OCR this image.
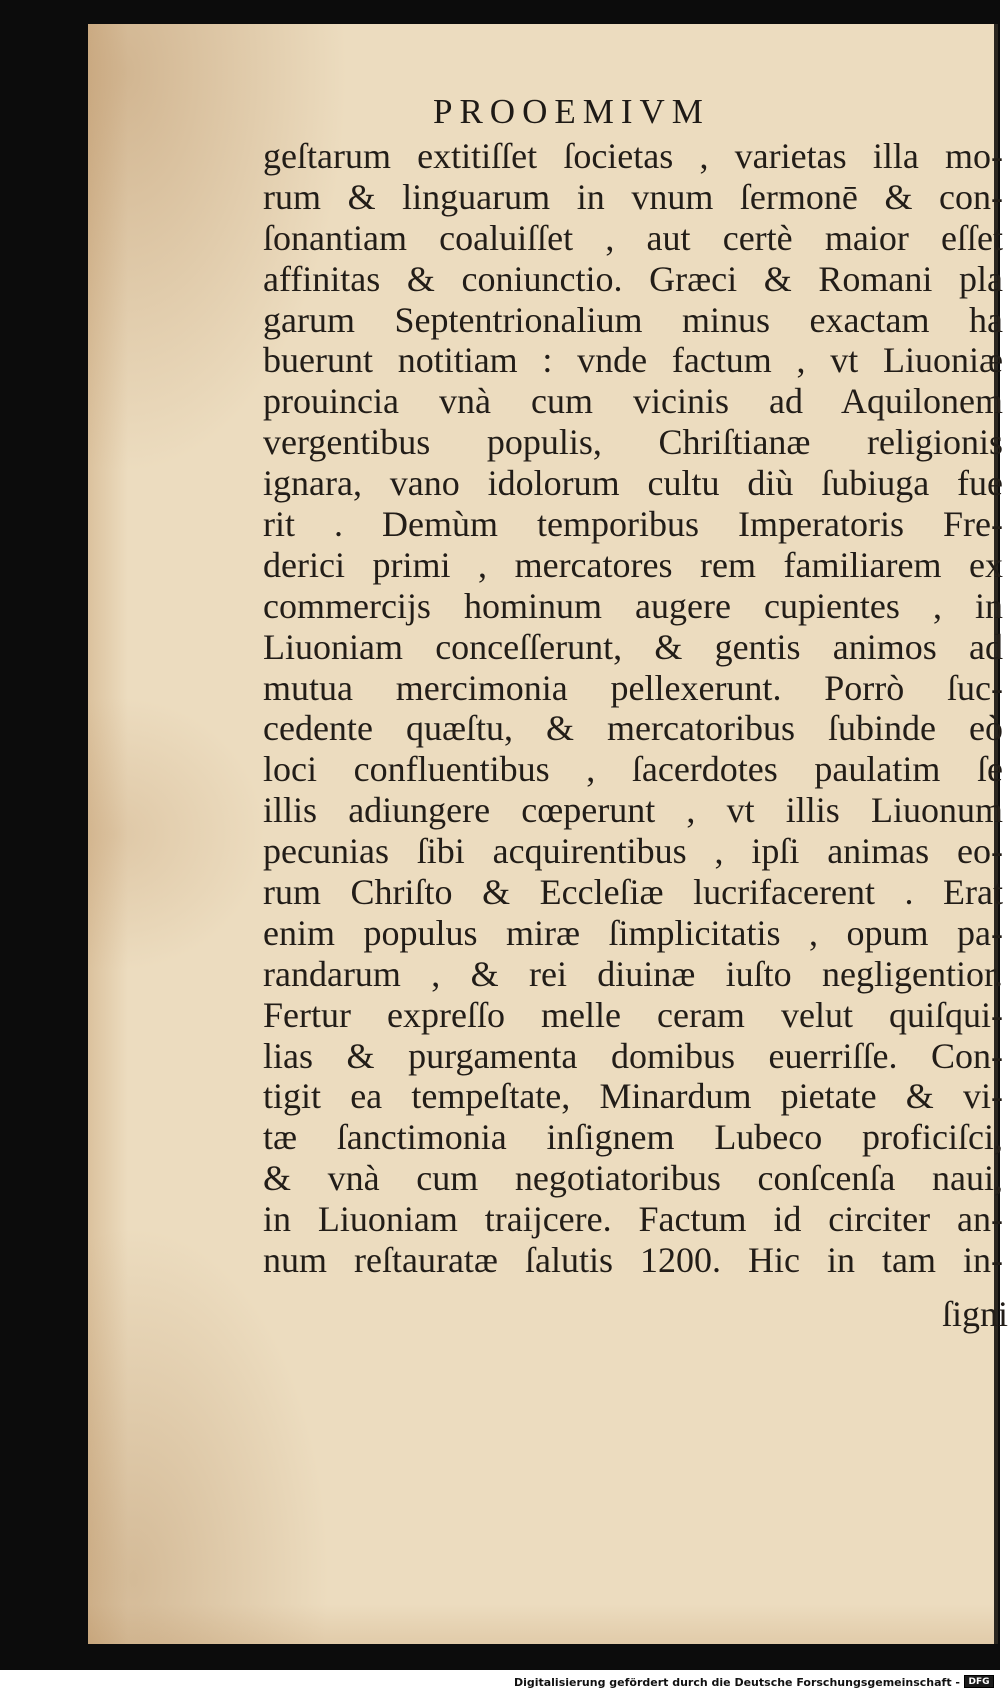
PROOEMIVM
geſtarum extitiſſet ſocietas , varietas illa mo-
rum & linguarum in vnum ſermonē & con-
ſonantiam coaluiſſet , aut certè maior eſſet
affinitas & coniunctio. Græci & Romani pla
garum Septentrionalium minus exactam ha
buerunt notitiam : vnde factum , vt Liuoniæ
prouincia vnà cum vicinis ad Aquilonem
vergentibus populis, Chriſtianæ religionis
ignara, vano idolorum cultu diù ſubiuga fue
rit . Demùm temporibus Imperatoris Fre-
derici primi , mercatores rem familiarem ex
commercijs hominum augere cupientes , in
Liuoniam conceſſerunt, & gentis animos ad
mutua mercimonia pellexerunt. Porrò ſuc-
cedente quæſtu, & mercatoribus ſubinde eò
loci confluentibus , ſacerdotes paulatim ſe
illis adiungere cœperunt , vt illis Liuonum
pecunias ſibi acquirentibus , ipſi animas eo-
rum Chriſto & Eccleſiæ lucrifacerent . Erat
enim populus miræ ſimplicitatis , opum pa-
randarum , & rei diuinæ iuſto negligentior.
Fertur expreſſo melle ceram velut quiſqui-
lias & purgamenta domibus euerriſſe. Con-
tigit ea tempeſtate, Minardum pietate & vi-
tæ ſanctimonia inſignem Lubeco proficiſci,
& vnà cum negotiatoribus conſcenſa naui,
in Liuoniam traijcere. Factum id circiter an-
num reſtauratæ ſalutis 1200. Hic in tam in-
ſigni
Digitalisierung gefördert durch die Deutsche Forschungsgemeinschaft - DFG
